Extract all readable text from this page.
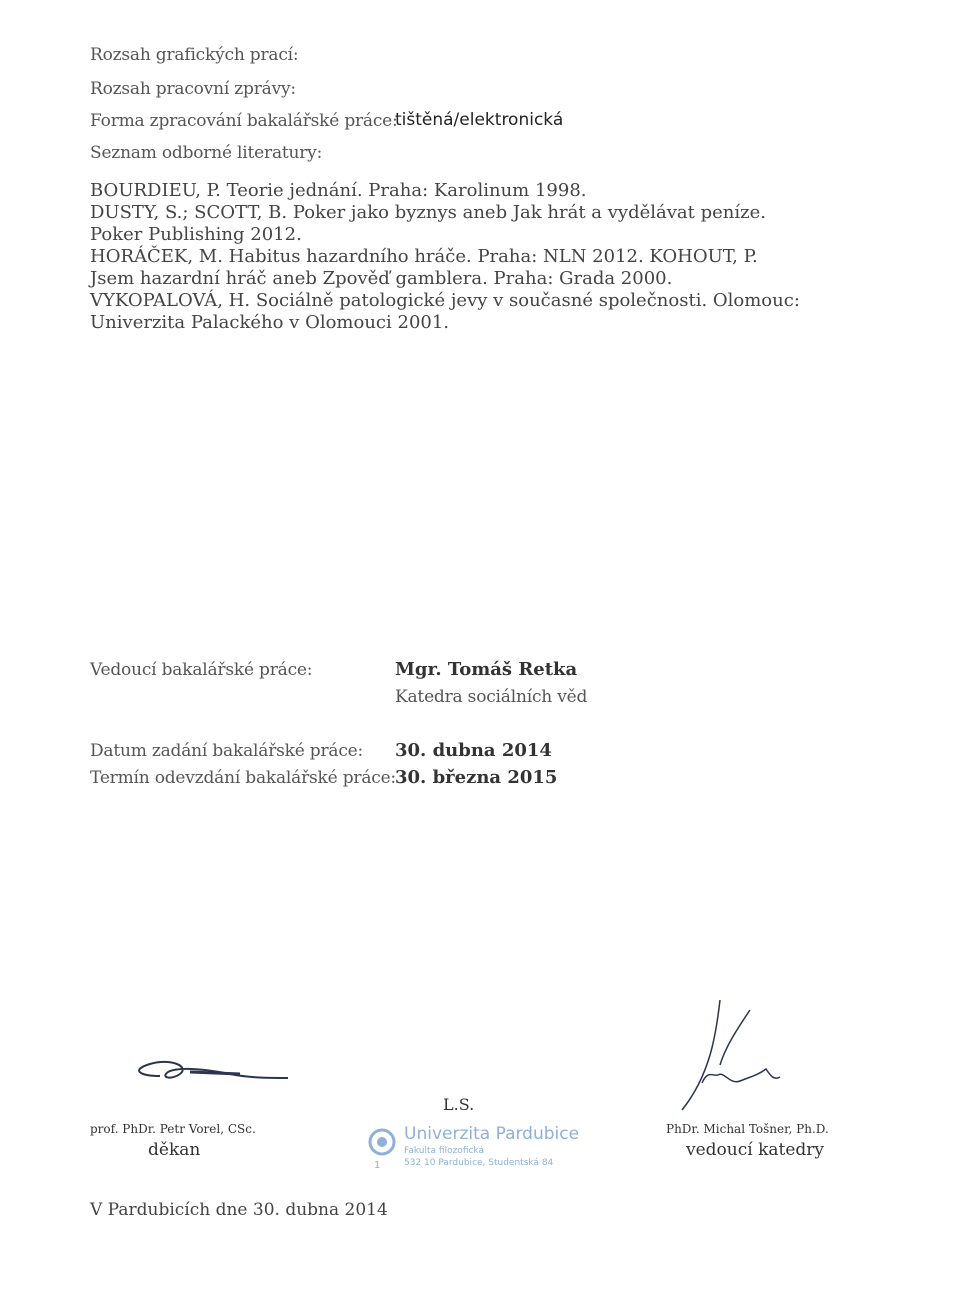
Rozsah grafických prací:
Rozsah pracovní zprávy:
Forma zpracování bakalářské práce:
tištěná/elektronická
Seznam odborné literatury:
BOURDIEU, P. Teorie jednání. Praha: Karolinum 1998.
DUSTY, S.; SCOTT, B. Poker jako byznys aneb Jak hrát a vydělávat peníze.
Poker Publishing 2012.
HORÁČEK, M. Habitus hazardního hráče. Praha: NLN 2012. KOHOUT, P.
Jsem hazardní hráč aneb Zpověď gamblera. Praha: Grada 2000.
VYKOPALOVÁ, H. Sociálně patologické jevy v současné společnosti. Olomouc:
Univerzita Palackého v Olomouci 2001.
Vedoucí bakalářské práce:	Mgr. Tomáš Retka
Katedra sociálních věd
Datum zadání bakalářské práce: 30. dubna 2014
Termín odevzdání bakalářské práce: 30. března 2015
prof. PhDr. Petr Vorel, CSc.
děkan
L.S.
Univerzita Pardubice
Fakulta filozofická
532 10 Pardubice, Studentská 84
1
PhDr. Michal Tošner, Ph.D.
vedoucí katedry
V Pardubicích dne 30. dubna 2014
